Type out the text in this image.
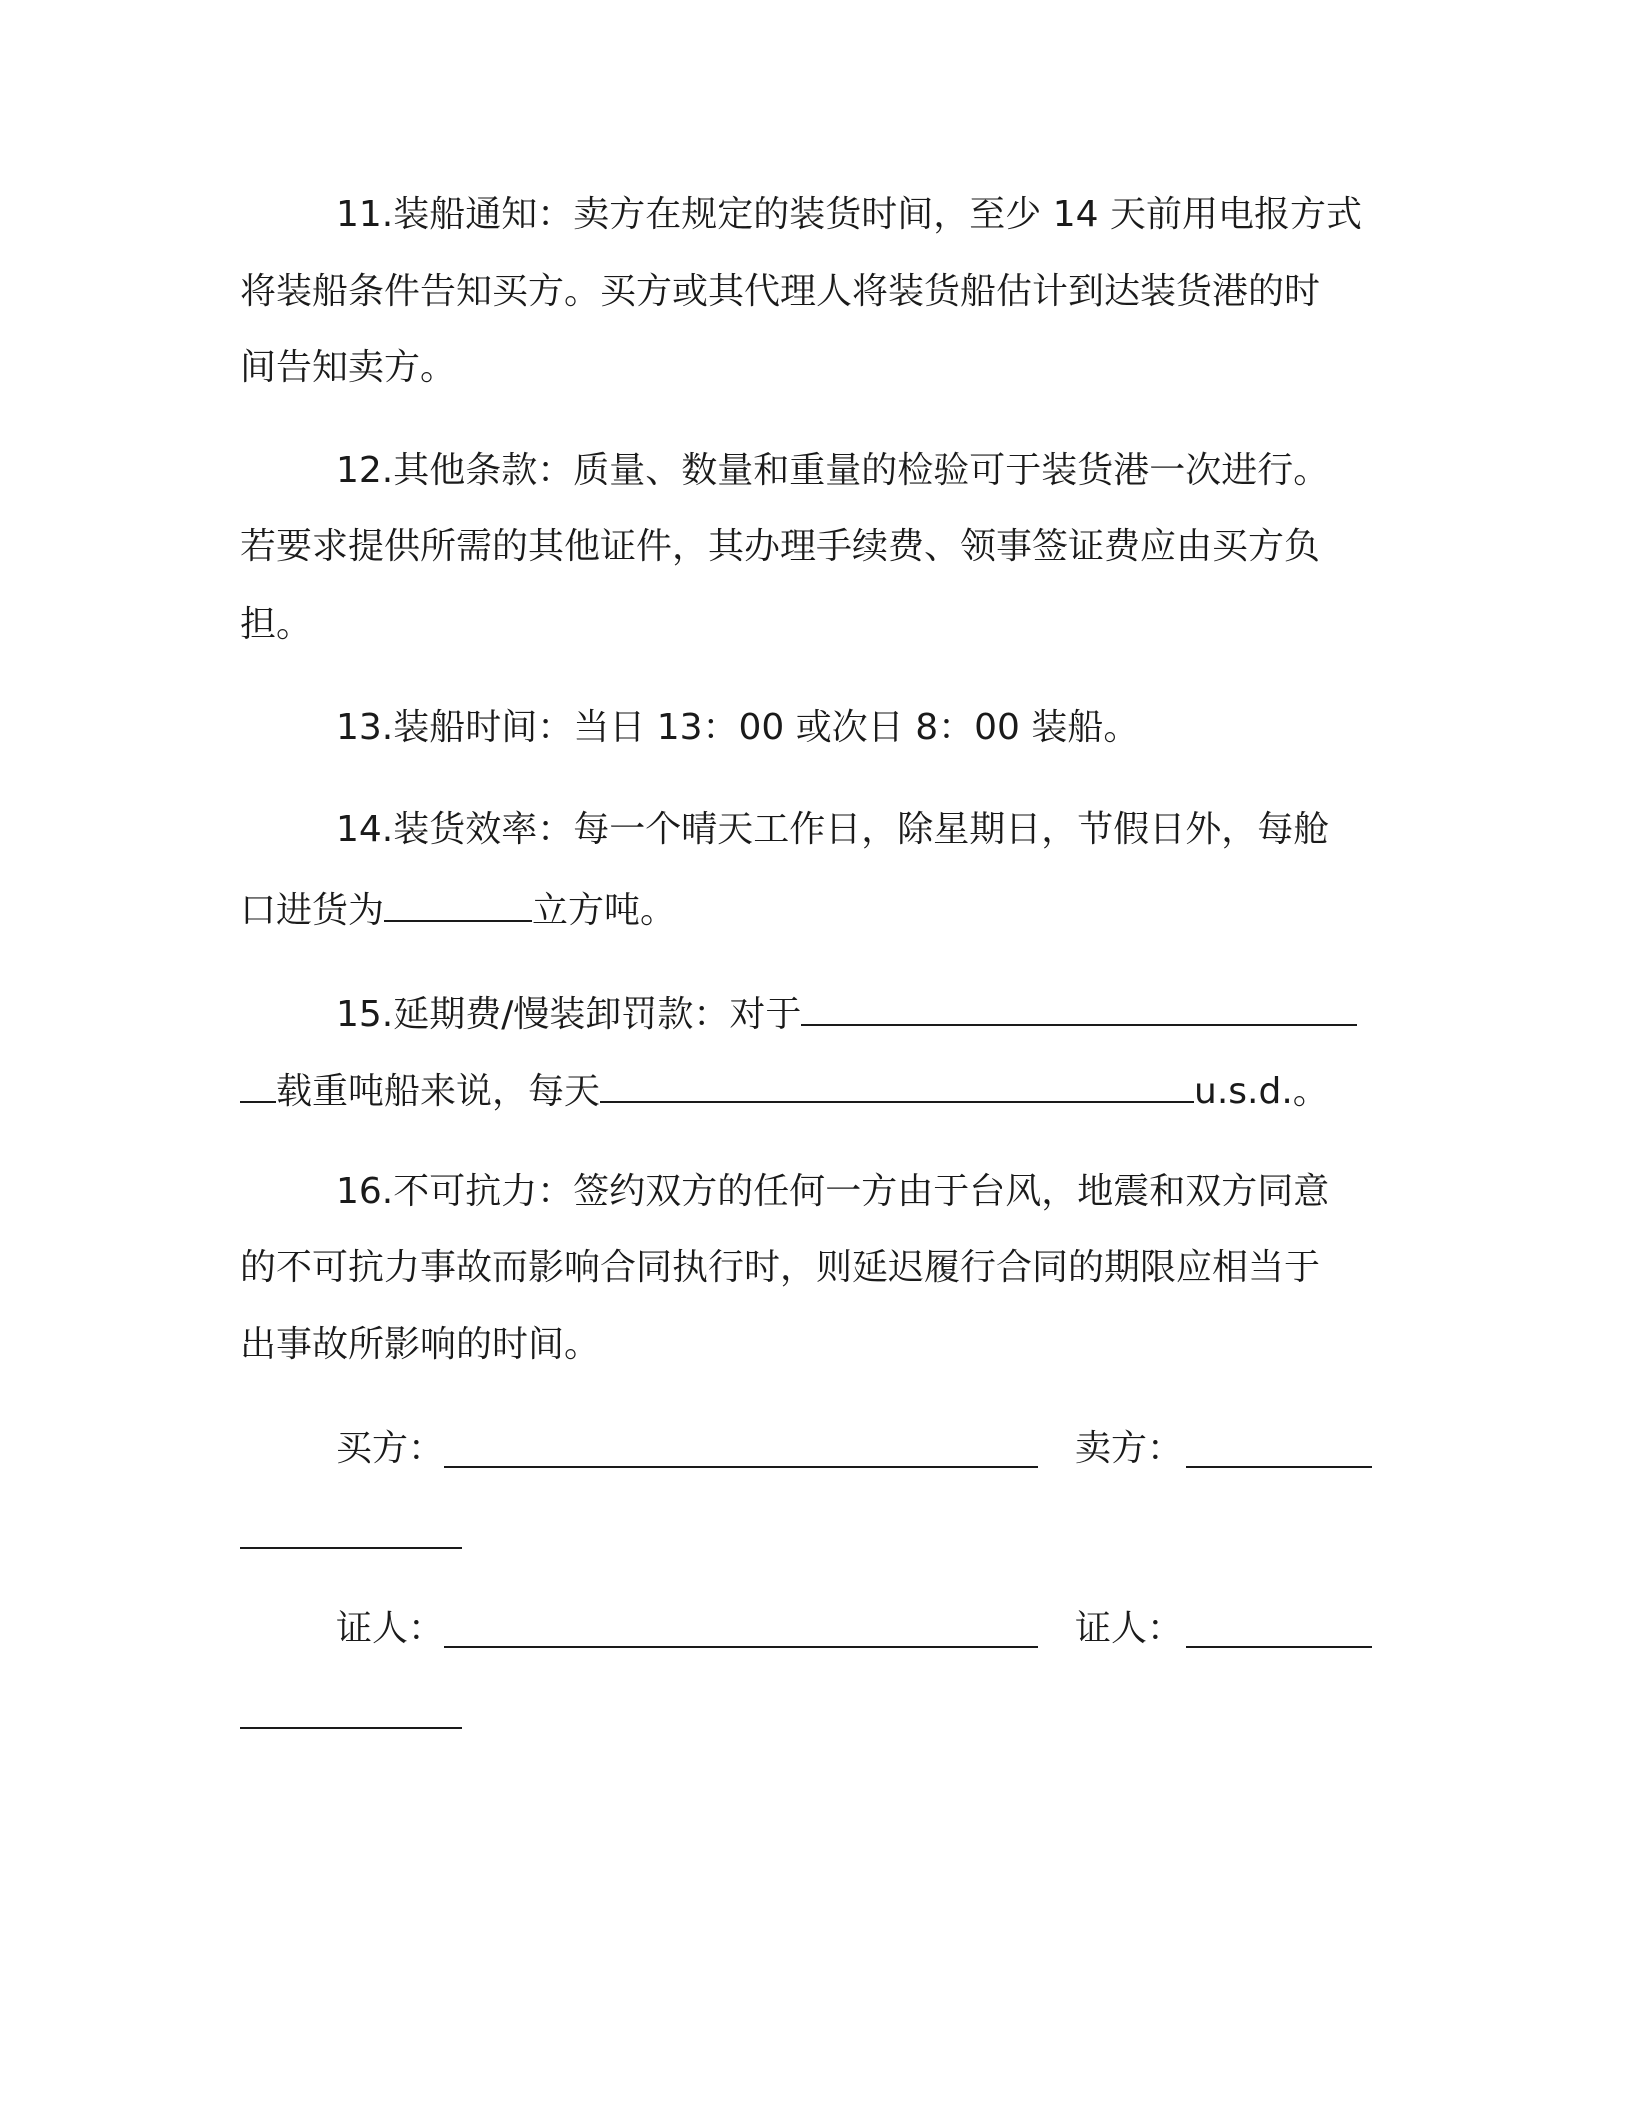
11.装船通知：卖方在规定的装货时间，至少 14 天前用电报方式
将装船条件告知买方。买方或其代理人将装货船估计到达装货港的时
间告知卖方。
12.其他条款：质量、数量和重量的检验可于装货港一次进行。
若要求提供所需的其他证件，其办理手续费、领事签证费应由买方负
担。
13.装船时间：当日 13：00 或次日 8：00 装船。
14.装货效率：每一个晴天工作日，除星期日，节假日外，每舱
口进货为	立方吨。
15.延期费/慢装卸罚款：对于
载重吨船来说，每天	u.s.d.。
16.不可抗力：签约双方的任何一方由于台风，地震和双方同意
的不可抗力事故而影响合同执行时，则延迟履行合同的期限应相当于
出事故所影响的时间。
买方：	卖方：
证人：	证人：
